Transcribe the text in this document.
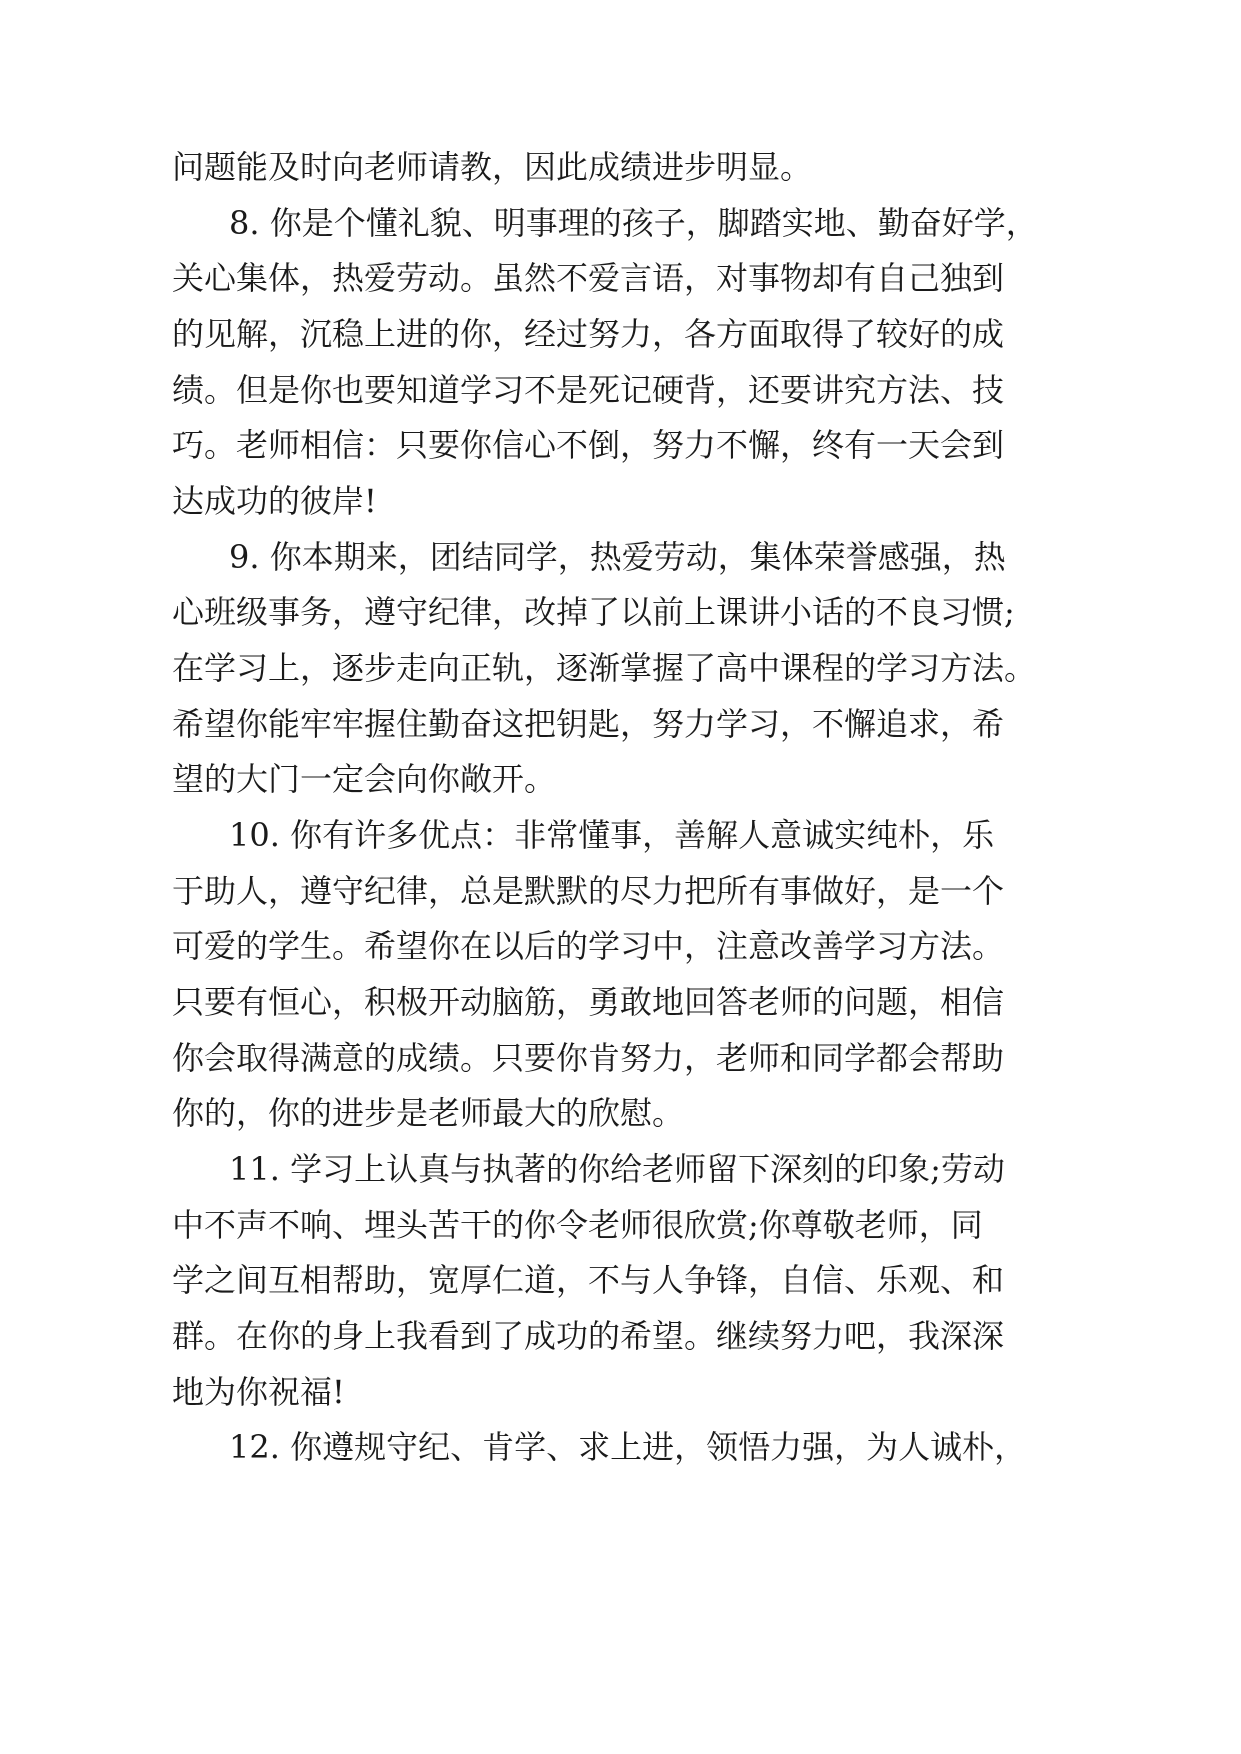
问题能及时向老师请教，因此成绩进步明显。
8. 你是个懂礼貌、明事理的孩子，脚踏实地、勤奋好学，
关心集体，热爱劳动。虽然不爱言语，对事物却有自己独到
的见解，沉稳上进的你，经过努力，各方面取得了较好的成
绩。但是你也要知道学习不是死记硬背，还要讲究方法、技
巧。老师相信：只要你信心不倒，努力不懈，终有一天会到
达成功的彼岸!
9. 你本期来，团结同学，热爱劳动，集体荣誉感强，热
心班级事务，遵守纪律，改掉了以前上课讲小话的不良习惯;
在学习上，逐步走向正轨，逐渐掌握了高中课程的学习方法。
希望你能牢牢握住勤奋这把钥匙，努力学习，不懈追求，希
望的大门一定会向你敞开。
10. 你有许多优点：非常懂事，善解人意诚实纯朴，乐
于助人，遵守纪律，总是默默的尽力把所有事做好，是一个
可爱的学生。希望你在以后的学习中，注意改善学习方法。
只要有恒心，积极开动脑筋，勇敢地回答老师的问题，相信
你会取得满意的成绩。只要你肯努力，老师和同学都会帮助
你的，你的进步是老师最大的欣慰。
11. 学习上认真与执著的你给老师留下深刻的印象;劳动
中不声不响、埋头苦干的你令老师很欣赏;你尊敬老师，同
学之间互相帮助，宽厚仁道，不与人争锋，自信、乐观、和
群。在你的身上我看到了成功的希望。继续努力吧，我深深
地为你祝福!
12. 你遵规守纪、肯学、求上进，领悟力强，为人诚朴，
